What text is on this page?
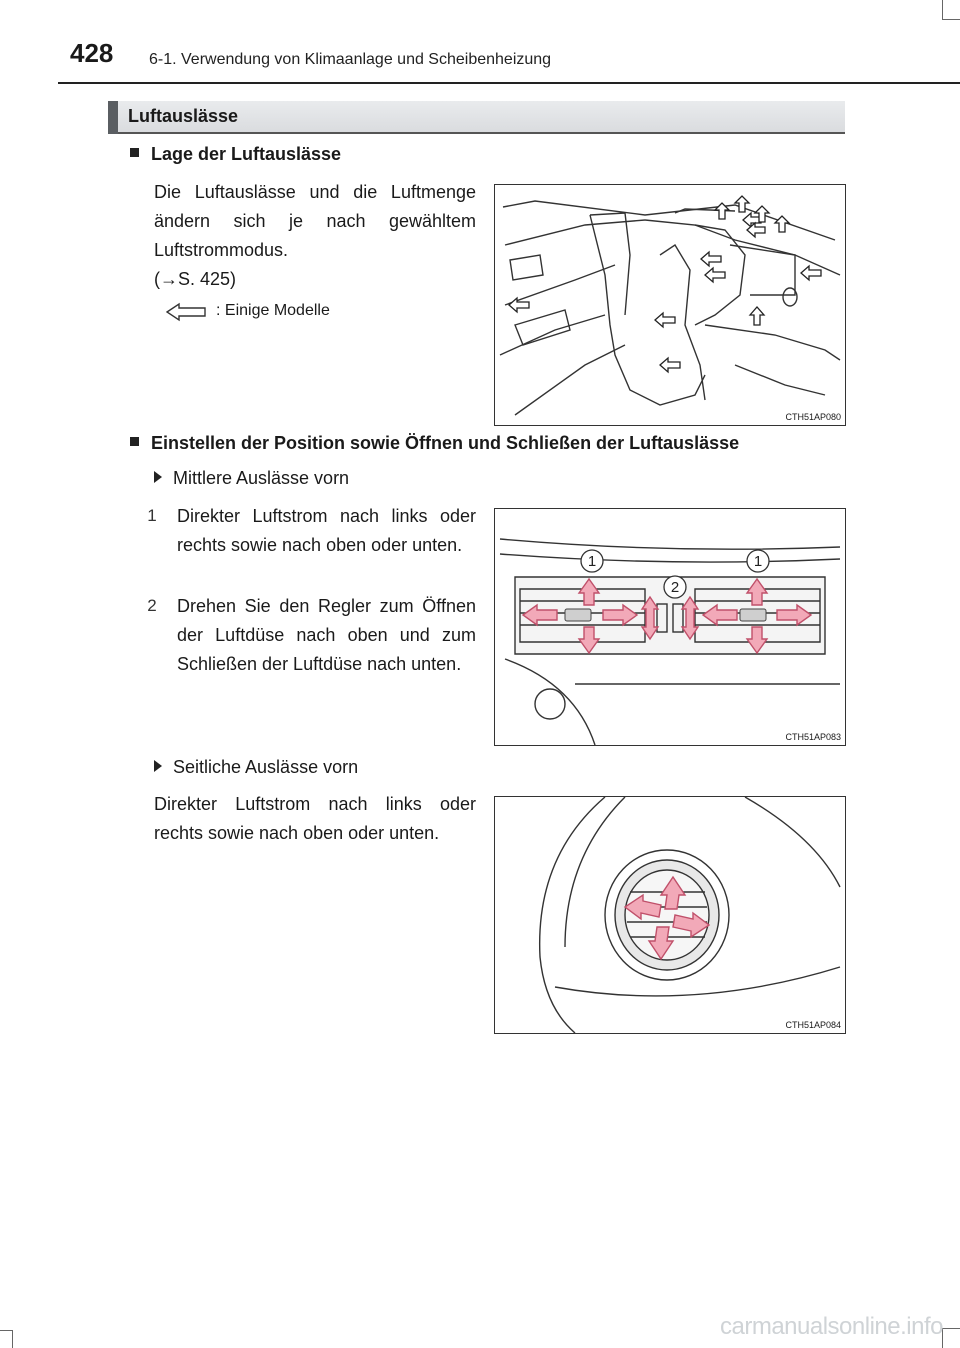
428 6-1. Verwendung von Klimaanlage und Scheibenheizung
Luftauslässe
Lage der Luftauslässe
Die Luftauslässe und die Luftmenge ändern sich je nach gewähltem Luftstrommodus.
(→S. 425)
: Einige Modelle
CTH51AP080
Einstellen der Position sowie Öffnen und Schließen der Luftauslässe
Mittlere Auslässe vorn
1 Direkter Luftstrom nach links oder rechts sowie nach oben oder unten.
2 Drehen Sie den Regler zum Öffnen der Luftdüse nach oben und zum Schließen der Luftdüse nach unten.
1
2
1
CTH51AP083
Seitliche Auslässe vorn
Direkter Luftstrom nach links oder rechts sowie nach oben oder unten.
CTH51AP084
carmanualsonline.info
